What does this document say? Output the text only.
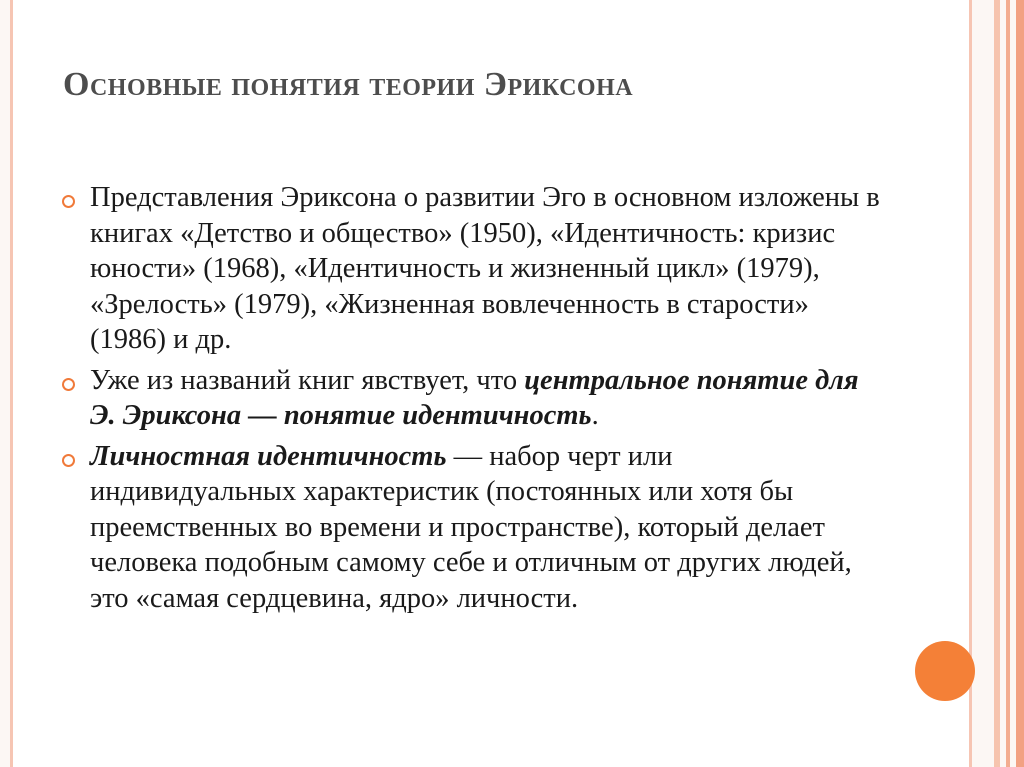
Основные понятия теории Эриксона
Представления Эриксона о развитии Эго в основном изложены в книгах «Детство и общество» (1950), «Идентичность: кризис юности» (1968), «Идентичность и жизненный цикл» (1979), «Зрелость» (1979), «Жизненная вовлеченность в старости» (1986) и др.
Уже из названий книг явствует, что центральное понятие для Э. Эриксона — понятие идентичность.
Личностная идентичность — набор черт или индивидуальных характеристик (постоянных или хотя бы преемственных во времени и пространстве), который делает человека подобным самому себе и отличным от других людей, это «самая сердцевина, ядро» личности.
